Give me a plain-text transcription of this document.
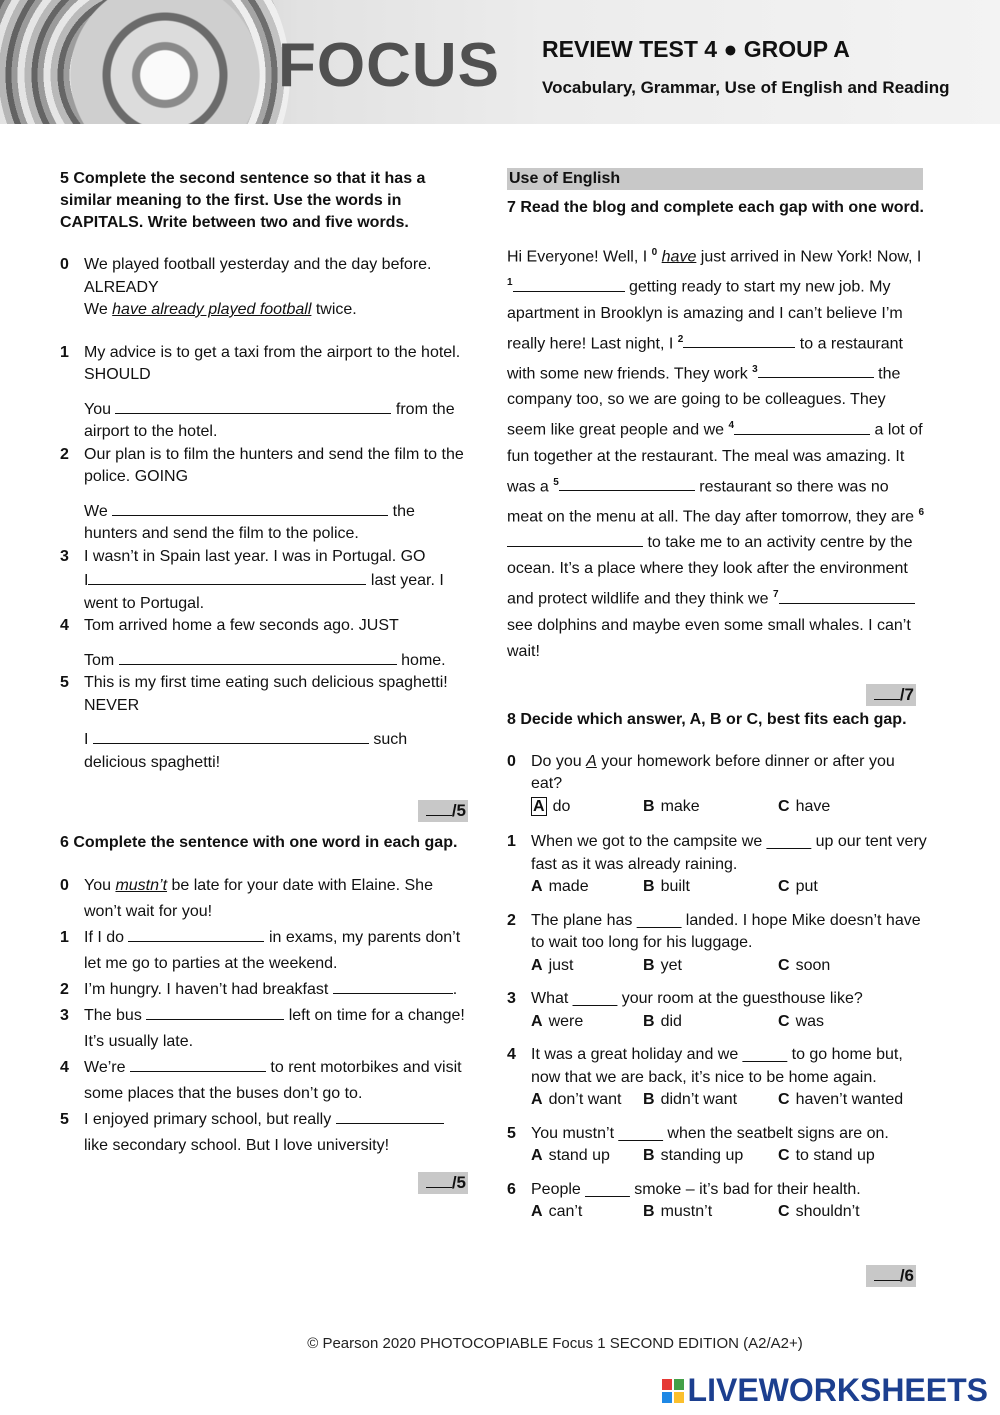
FOCUS REVIEW TEST 4 ● GROUP A
Vocabulary, Grammar, Use of English and Reading

5 Complete the second sentence so that it has a similar meaning to the first. Use the words in CAPITALS. Write between two and five words.

0 We played football yesterday and the day before. ALREADY
We have already played football twice.
1 My advice is to get a taxi from the airport to the hotel. SHOULD
You	from the airport to the hotel.
2 Our plan is to film the hunters and send the film to the police. GOING
We	the hunters and send the film to the police.
3 I wasn’t in Spain last year. I was in Portugal. GO
I	last year. I went to Portugal.
4 Tom arrived home a few seconds ago. JUST
Tom	home.
5 This is my first time eating such delicious spaghetti! NEVER
I	such delicious spaghetti!

6 Complete the sentence with one word in each gap.

0 You mustn’t be late for your date with Elaine. She won’t wait for you!
1 If I do	in exams, my parents don’t let me go to parties at the weekend.
2 I’m hungry. I haven’t had breakfast	.
3 The bus	left on time for a change! It’s usually late.
4 We’re	to rent motorbikes and visit some places that the buses don’t go to.
5 I enjoyed primary school, but really  like secondary school. But I love university!
/5
/5
Use of English

7 Read the blog and complete each gap with one word.

Hi Everyone! Well, I $^0$ have just arrived in New York! Now, I $^1$	getting ready to start my new job. My apartment in Brooklyn is amazing and I can’t believe I’m really here! Last night, I $^2$	to a restaurant with some new friends. They work $^3$	the company too, so we are going to be colleagues. They seem like great people and we $^4$	a lot of fun together at the restaurant. The meal was amazing. It was a $^5$	restaurant so there was no meat on the menu at all. The day after tomorrow, they are $^6$ to take me to an activity centre by the ocean. It’s a place where they look after the environment and protect wildlife and they think we $^7$ see dolphins and maybe even some small whales. I can’t wait!

8 Decide which answer, A, B or C, best fits each gap.

0 Do you A your homework before dinner or after you eat?
A do	B make	C have
1 When we got to the campsite we _____ up our tent very fast as it was already raining.
A made	B built	C put
2 The plane has _____ landed. I hope Mike doesn’t have to wait too long for his luggage.
A just	B yet	C soon
3 What _____ your room at the guesthouse like?
A were	B did	C was
4 It was a great holiday and we _____ to go home but, now that we are back, it’s nice to be home again.
A don’t want	B didn’t want	C haven’t wanted
5 You mustn’t _____ when the seatbelt signs are on.
A stand up	B standing up	C to stand up
6 People _____ smoke – it’s bad for their health.
A can’t	B mustn’t	C shouldn’t
/7
/6
© Pearson 2020 PHOTOCOPIABLE Focus 1 SECOND EDITION (A2/A2+)
LIVEWORKSHEETS
